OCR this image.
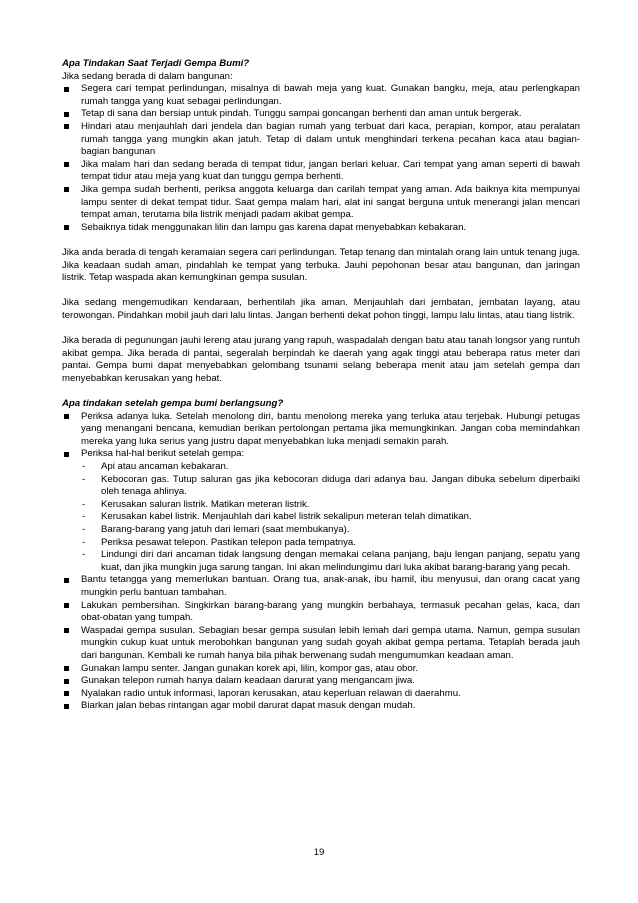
Apa Tindakan Saat Terjadi Gempa Bumi?

Jika sedang berada di dalam bangunan:

Segera cari tempat perlindungan, misalnya di bawah meja yang kuat. Gunakan bangku, meja, atau perlengkapan rumah tangga yang kuat sebagai perlindungan.
Tetap di sana dan bersiap untuk pindah. Tunggu sampai goncangan berhenti dan aman untuk bergerak.
Hindari atau menjauhlah dari jendela dan bagian rumah yang terbuat dari kaca, perapian, kompor, atau peralatan rumah tangga yang mungkin akan jatuh. Tetap di dalam untuk menghindari terkena pecahan kaca atau bagian-bagian bangunan
Jika malam hari dan sedang berada di tempat tidur, jangan berlari keluar. Cari tempat yang aman seperti di bawah tempat tidur atau meja yang kuat dan tunggu gempa berhenti.
Jika gempa sudah berhenti, periksa anggota keluarga dan carilah tempat yang aman. Ada baiknya kita mempunyai lampu senter di dekat tempat tidur. Saat gempa malam hari, alat ini sangat berguna untuk menerangi jalan mencari tempat aman, terutama bila listrik menjadi padam akibat gempa.
Sebaiknya tidak menggunakan lilin dan lampu gas karena dapat menyebabkan kebakaran.

Jika anda berada di tengah keramaian segera cari perlindungan. Tetap tenang dan mintalah orang lain untuk tenang juga. Jika keadaan sudah aman, pindahlah ke tempat yang terbuka. Jauhi pepohonan besar atau bangunan, dan jaringan listrik. Tetap waspada akan kemungkinan gempa susulan.

Jika sedang mengemudikan kendaraan, berhentilah jika aman. Menjauhlah dari jembatan, jembatan layang, atau terowongan. Pindahkan mobil jauh dari lalu lintas. Jangan berhenti dekat pohon tinggi, lampu lalu lintas, atau tiang listrik.

Jika berada di pegunungan jauhi lereng atau jurang yang rapuh, waspadalah dengan batu atau tanah longsor yang runtuh akibat gempa. Jika berada di pantai, segeralah berpindah ke daerah yang agak tinggi atau beberapa ratus meter dari pantai. Gempa bumi dapat menyebabkan gelombang tsunami selang beberapa menit atau jam setelah gempa dan menyebabkan kerusakan yang hebat.

Apa tindakan setelah gempa bumi berlangsung?
Periksa adanya luka. Setelah menolong diri, bantu menolong mereka yang terluka atau terjebak. Hubungi petugas yang menangani bencana, kemudian berikan pertolongan pertama jika memungkinkan. Jangan coba memindahkan mereka yang luka serius yang justru dapat menyebabkan luka menjadi semakin parah.
Periksa hal-hal berikut setelah gempa:
- Api atau ancaman kebakaran.
- Kebocoran gas. Tutup saluran gas jika kebocoran diduga dari adanya bau. Jangan dibuka sebelum diperbaiki oleh tenaga ahlinya.
- Kerusakan saluran listrik. Matikan meteran listrik.
- Kerusakan kabel listrik. Menjauhlah dari kabel listrik sekalipun meteran telah dimatikan.
- Barang-barang yang jatuh dari lemari (saat membukanya).
- Periksa pesawat telepon. Pastikan telepon pada tempatnya.
- Lindungi diri dari ancaman tidak langsung dengan memakai celana panjang, baju lengan panjang, sepatu yang kuat, dan jika mungkin juga sarung tangan. Ini akan melindungimu dari luka akibat barang-barang yang pecah.
Bantu tetangga yang memerlukan bantuan. Orang tua, anak-anak, ibu hamil, ibu menyusui, dan orang cacat yang mungkin perlu bantuan tambahan.
Lakukan pembersihan. Singkirkan barang-barang yang mungkin berbahaya, termasuk pecahan gelas, kaca, dan obat-obatan yang tumpah.
Waspadai gempa susulan. Sebagian besar gempa susulan lebih lemah dari gempa utama. Namun, gempa susulan mungkin cukup kuat untuk merobohkan bangunan yang sudah goyah akibat gempa pertama. Tetaplah berada jauh dari bangunan. Kembali ke rumah hanya bila pihak berwenang sudah mengumumkan keadaan aman.
Gunakan lampu senter. Jangan gunakan korek api, lilin, kompor gas, atau obor.
Gunakan telepon rumah hanya dalam keadaan darurat yang mengancam jiwa.
Nyalakan radio untuk informasi, laporan kerusakan, atau keperluan relawan di daerahmu.
Biarkan jalan bebas rintangan agar mobil darurat dapat masuk dengan mudah.
19
